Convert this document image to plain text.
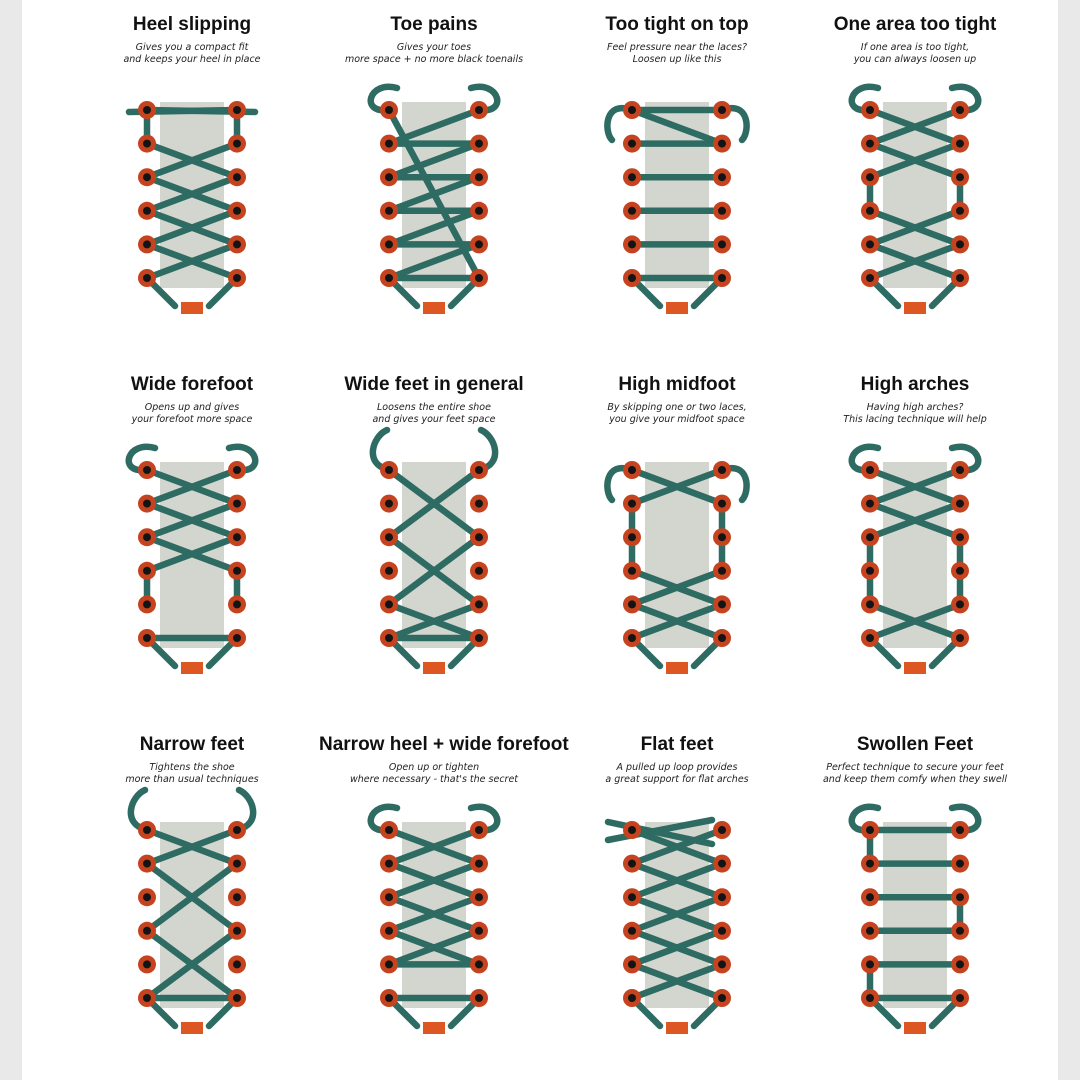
Heel slipping
Gives you a compact fit
and keeps your heel in place
Toe pains
Gives your toes
more space + no more black toenails
Too tight on top
Feel pressure near the laces?
Loosen up like this
One area too tight
If one area is too tight,
you can always loosen up
Wide forefoot
Opens up and gives
your forefoot more space
Wide feet in general
Loosens the entire shoe
and gives your feet space
High midfoot
By skipping one or two laces,
you give your midfoot space
High arches
Having high arches?
This lacing technique will help
Narrow feet
Tightens the shoe
more than usual techniques
Narrow heel + wide forefoot
Open up or tighten
where necessary - that's the secret
Flat feet
A pulled up loop provides
a great support for flat arches
Swollen Feet
Perfect technique to secure your feet
and keep them comfy when they swell
